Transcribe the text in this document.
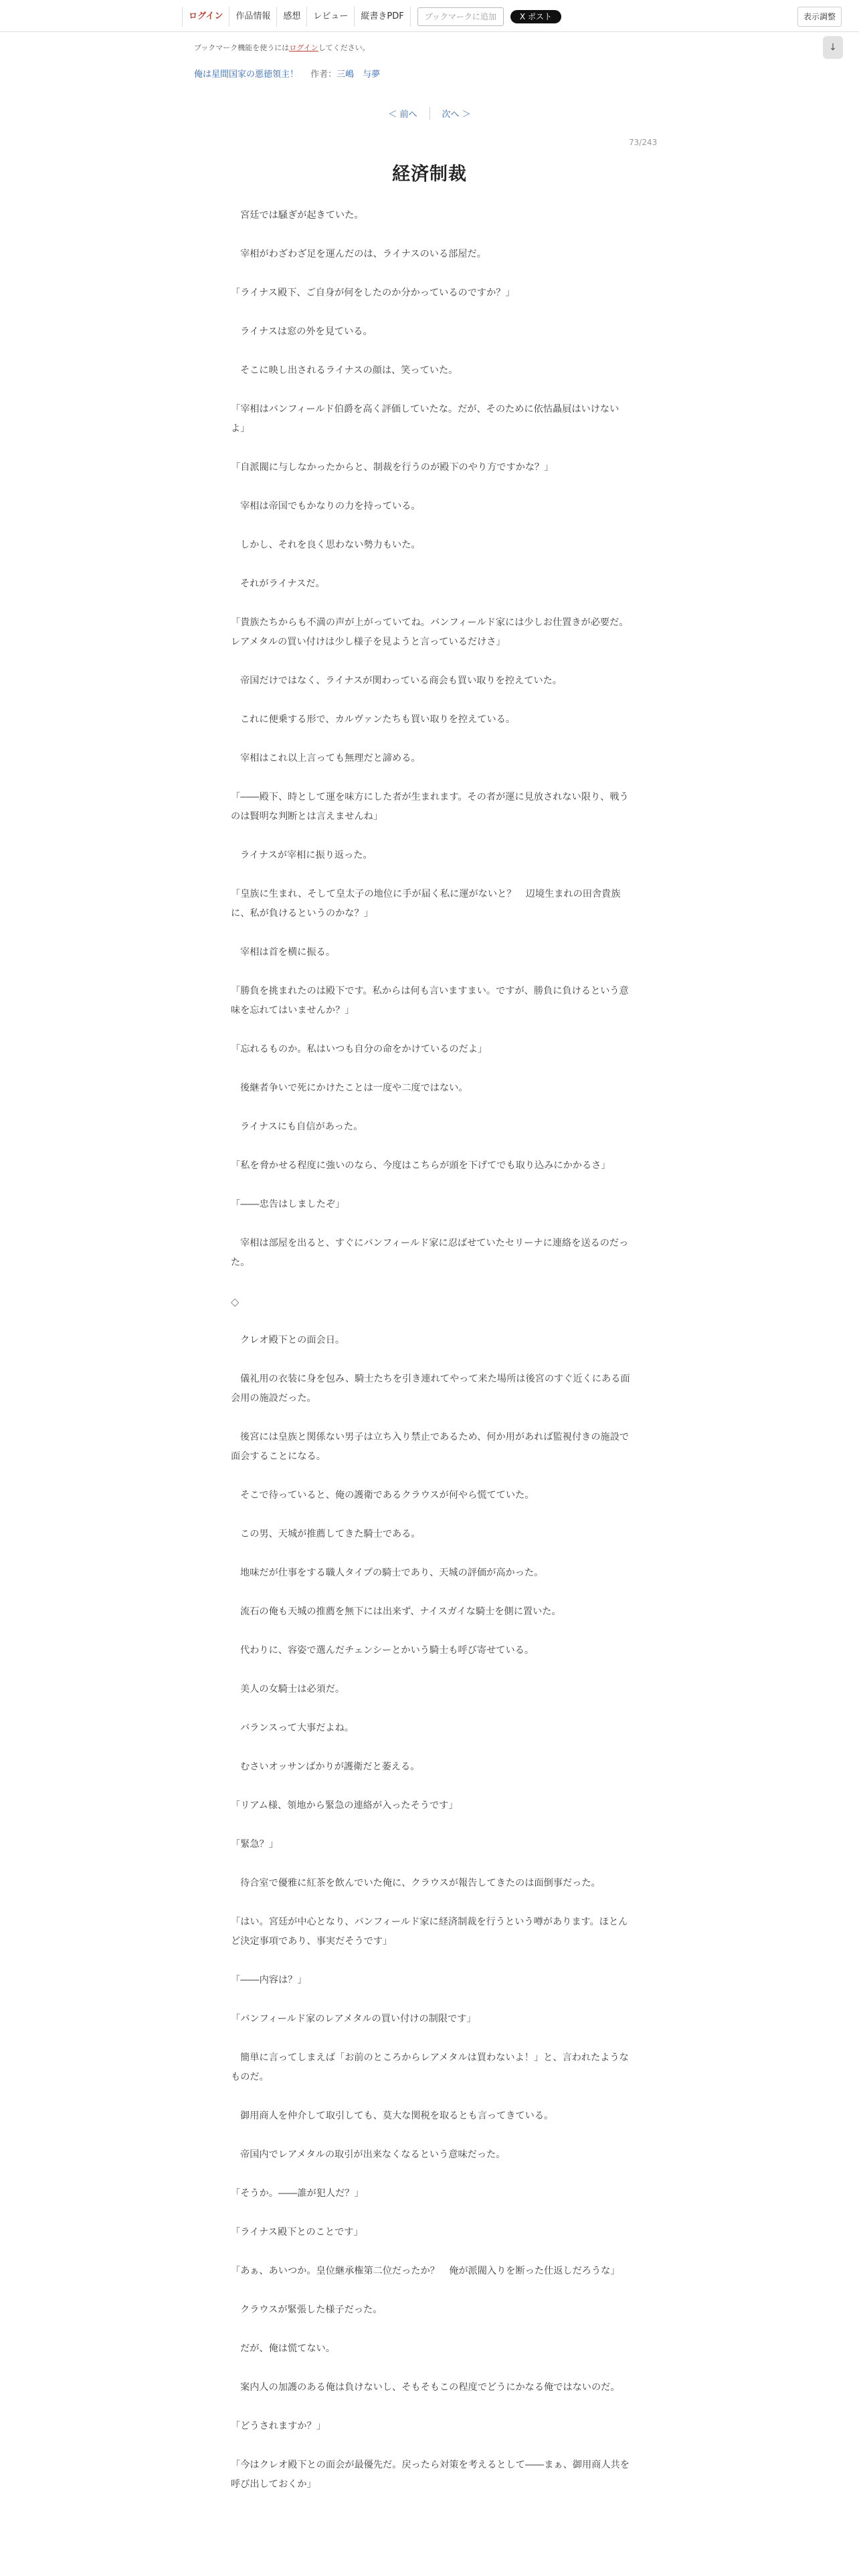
ログイン	作品情報	感想	レビュー	縦書きPDF	ブックマークに追加	X ポスト	表示調整
↓
ブックマーク機能を使うにはログインしてください。
俺は星間国家の悪徳領主！ 作者：三嶋　与夢
＜ 前へ	次へ ＞
73/243
経済制裁

宮廷では騒ぎが起きていた。

宰相がわざわざ足を運んだのは、ライナスのいる部屋だ。

「ライナス殿下、ご自身が何をしたのか分かっているのですか？」

ライナスは窓の外を見ている。

そこに映し出されるライナスの顔は、笑っていた。

「宰相はバンフィールド伯爵を高く評価していたな。だが、そのために依怙贔屓はいけないよ」

「自派閥に与しなかったからと、制裁を行うのが殿下のやり方ですかな？」

宰相は帝国でもかなりの力を持っている。

しかし、それを良く思わない勢力もいた。

それがライナスだ。

「貴族たちからも不満の声が上がっていてね。バンフィールド家には少しお仕置きが必要だ。レアメタルの買い付けは少し様子を見ようと言っているだけさ」

帝国だけではなく、ライナスが関わっている商会も買い取りを控えていた。

これに便乗する形で、カルヴァンたちも買い取りを控えている。

宰相はこれ以上言っても無理だと諦める。

「――殿下、時として運を味方にした者が生まれます。その者が運に見放されない限り、戦うのは賢明な判断とは言えませんね」

ライナスが宰相に振り返った。

「皇族に生まれ、そして皇太子の地位に手が届く私に運がないと？　辺境生まれの田舎貴族に、私が負けるというのかな？」

宰相は首を横に振る。

「勝負を挑まれたのは殿下です。私からは何も言いますまい。ですが、勝負に負けるという意味を忘れてはいませんか？」

「忘れるものか。私はいつも自分の命をかけているのだよ」

後継者争いで死にかけたことは一度や二度ではない。

ライナスにも自信があった。

「私を脅かせる程度に強いのなら、今度はこちらが頭を下げてでも取り込みにかかるさ」

「――忠告はしましたぞ」

宰相は部屋を出ると、すぐにバンフィールド家に忍ばせていたセリーナに連絡を送るのだった。

◇

クレオ殿下との面会日。

儀礼用の衣装に身を包み、騎士たちを引き連れてやって来た場所は後宮のすぐ近くにある面会用の施設だった。

後宮には皇族と関係ない男子は立ち入り禁止であるため、何か用があれば監視付きの施設で面会することになる。

そこで待っていると、俺の護衛であるクラウスが何やら慌てていた。

この男、天城が推薦してきた騎士である。

地味だが仕事をする職人タイプの騎士であり、天城の評価が高かった。

流石の俺も天城の推薦を無下には出来ず、ナイスガイな騎士を側に置いた。

代わりに、容姿で選んだチェンシーとかいう騎士も呼び寄せている。

美人の女騎士は必須だ。

バランスって大事だよね。

むさいオッサンばかりが護衛だと萎える。

「リアム様、領地から緊急の連絡が入ったそうです」

「緊急？」

待合室で優雅に紅茶を飲んでいた俺に、クラウスが報告してきたのは面倒事だった。

「はい。宮廷が中心となり、バンフィールド家に経済制裁を行うという噂があります。ほとんど決定事項であり、事実だそうです」

「――内容は？」

「バンフィールド家のレアメタルの買い付けの制限です」

簡単に言ってしまえば「お前のところからレアメタルは買わないよ！」と、言われたようなものだ。

御用商人を仲介して取引しても、莫大な関税を取るとも言ってきている。

帝国内でレアメタルの取引が出来なくなるという意味だった。

「そうか。――誰が犯人だ？」

「ライナス殿下とのことです」

「あぁ、あいつか。皇位継承権第二位だったか？　俺が派閥入りを断った仕返しだろうな」

クラウスが緊張した様子だった。

だが、俺は慌てない。

案内人の加護のある俺は負けないし、そもそもこの程度でどうにかなる俺ではないのだ。

「どうされますか？」

「今はクレオ殿下との面会が最優先だ。戻ったら対策を考えるとして――まぁ、御用商人共を呼び出しておくか」
